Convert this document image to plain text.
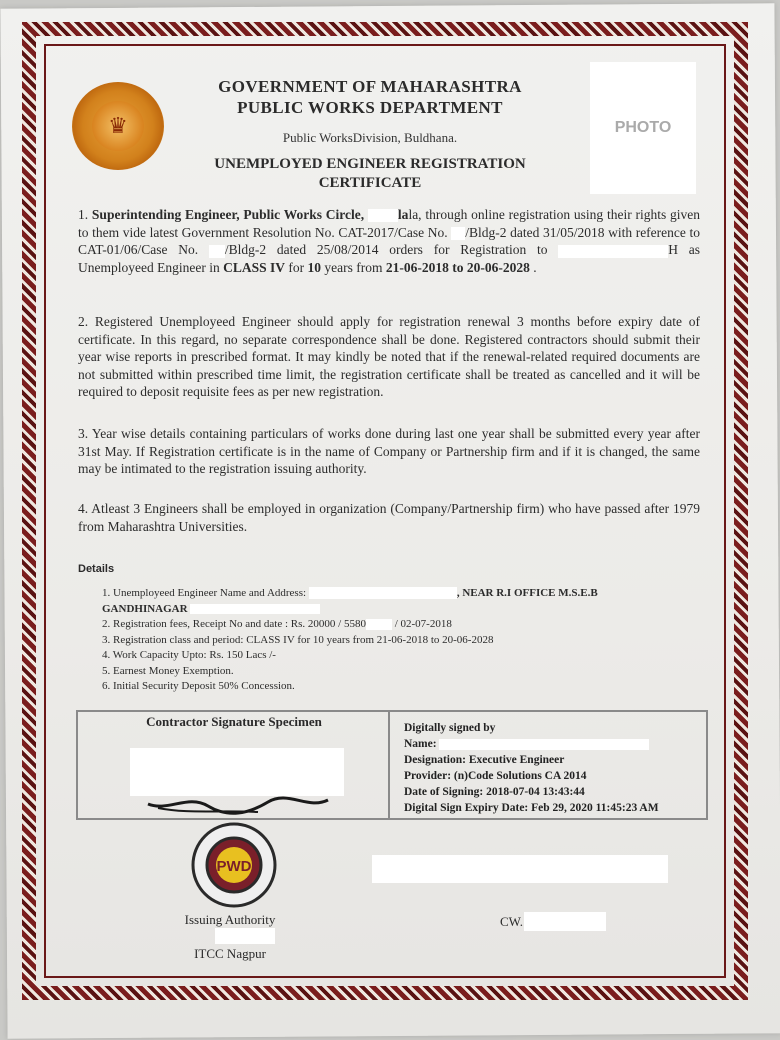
♛	PHOTO
GOVERNMENT OF MAHARASHTRA
PUBLIC WORKS DEPARTMENT
Public WorksDivision, Buldhana.
UNEMPLOYED ENGINEER REGISTRATION
CERTIFICATE
1. Superintending Engineer, Public Works Circle,	lala, through online registration using their rights given to them vide latest Government Resolution No. CAT-2017/Case No. /Bldg-2 dated 31/05/2018 with reference to CAT-01/06/Case No. /Bldg-2 dated 25/08/2014 orders for Registration to	H as Unemployeed Engineer in CLASS IV for 10 years from 21-06-2018 to 20-06-2028 .
2. Registered Unemployeed Engineer should apply for registration renewal 3 months before expiry date of certificate. In this regard, no separate correspondence shall be done. Registered contractors should submit their year wise reports in prescribed format. It may kindly be noted that if the renewal-related required documents are not submitted within prescribed time limit, the registration certificate shall be treated as cancelled and it will be required to deposit requisite fees as per new registration.
3. Year wise details containing particulars of works done during last one year shall be submitted every year after 31st May. If Registration certificate is in the name of Company or Partnership firm and if it is changed, the same may be intimated to the registration issuing authority.
4. Atleast 3 Engineers shall be employed in organization (Company/Partnership firm) who have passed after 1979 from Maharashtra Universities.
Details
1. Unemployeed Engineer Name and Address:	, NEAR R.I OFFICE M.S.E.B
GANDHINAGAR
2. Registration fees, Receipt No and date : Rs. 20000 / 5580	/ 02-07-2018
3. Registration class and period: CLASS IV for 10 years from 21-06-2018 to 20-06-2028
4. Work Capacity Upto: Rs. 150 Lacs /-
5. Earnest Money Exemption.
6. Initial Security Deposit 50% Concession.
Contractor Signature Specimen	Digitally signed by
Name:
Designation: Executive Engineer
Provider: (n)Code Solutions CA 2014
Date of Signing: 2018-07-04 13:43:44
Digital Sign Expiry Date: Feb 29, 2020 11:45:23 AM
PWD
Issuing Authority
ITCC Nagpur
CW.
